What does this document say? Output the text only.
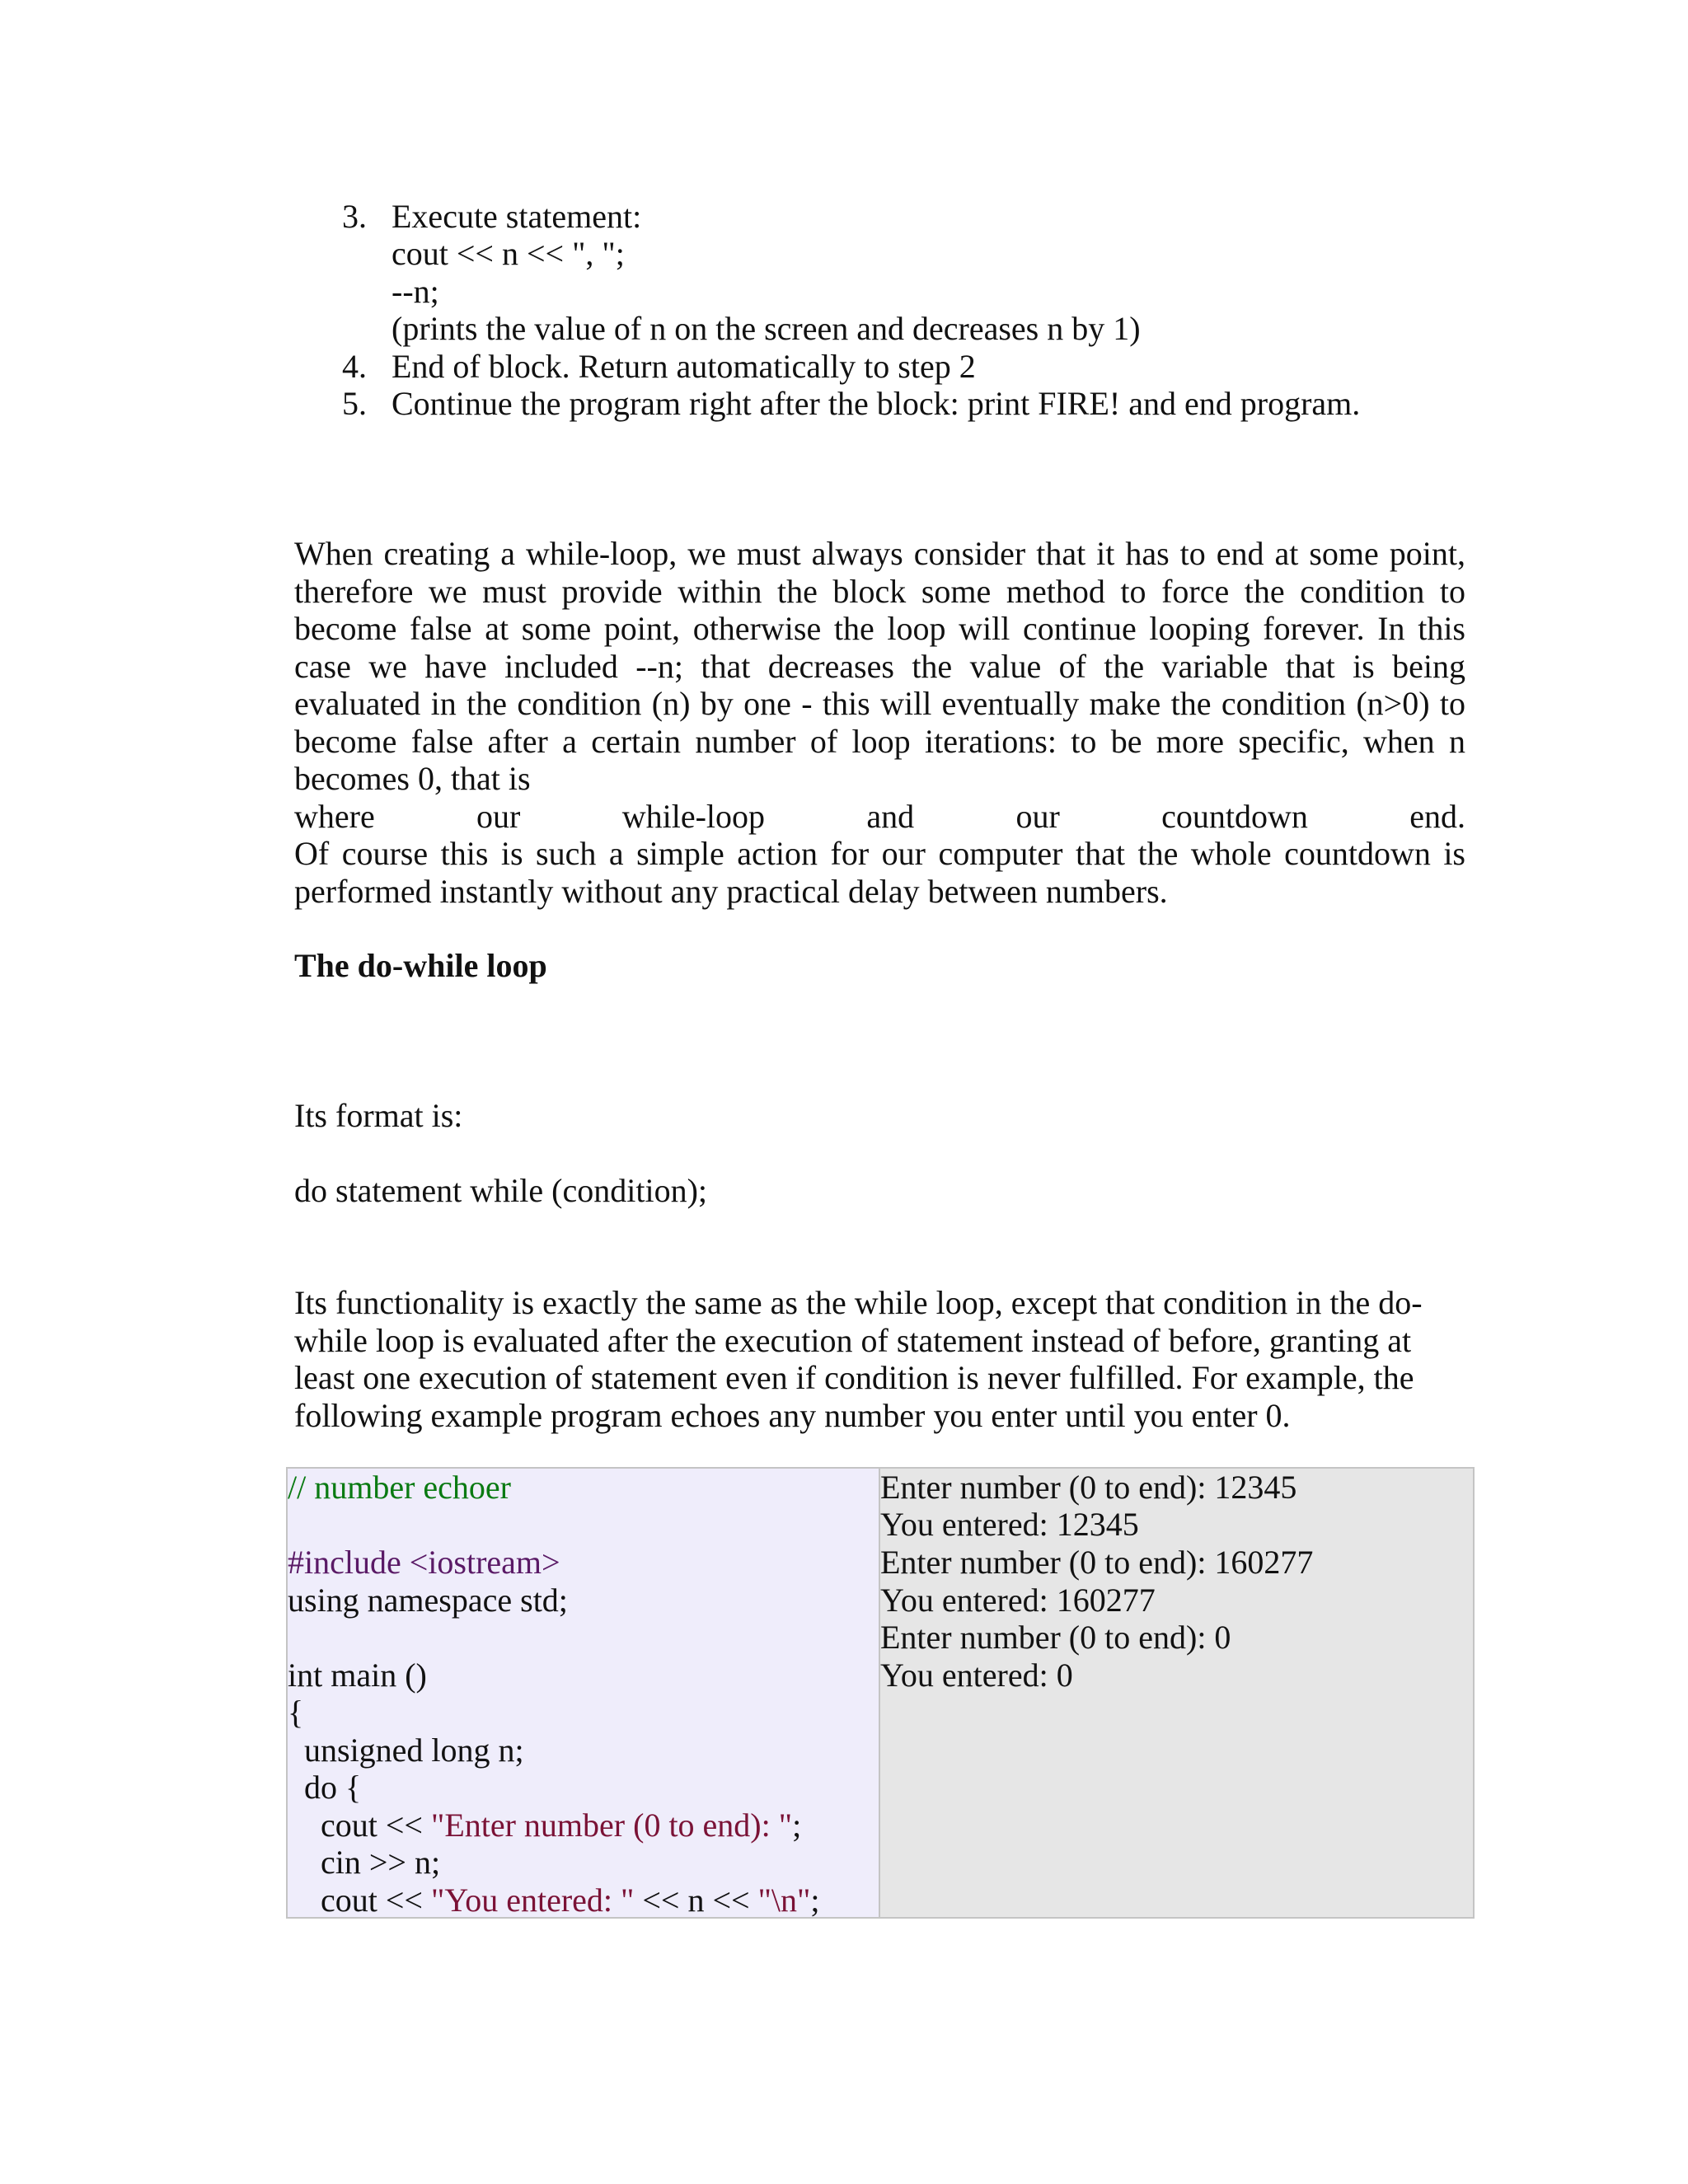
3. Execute statement:
cout << n << ", ";
--n;
(prints the value of n on the screen and decreases n by 1)
4. End of block. Return automatically to step 2
5. Continue the program right after the block: print FIRE! and end program.
When creating a while-loop, we must always consider that it has to end at some point, therefore we must provide within the block some method to force the condition to become false at some point, otherwise the loop will continue looping forever. In this case we have included --n; that decreases the value of the variable that is being evaluated in the condition (n) by one - this will eventually make the condition (n>0) to become false after a certain number of loop iterations: to be more specific, when n becomes 0, that is
where our while-loop and our countdown end.
Of course this is such a simple action for our computer that the whole countdown is performed instantly without any practical delay between numbers.
The do-while loop
Its format is:
do statement while (condition);
Its functionality is exactly the same as the while loop, except that condition in the do-while loop is evaluated after the execution of statement instead of before, granting at least one execution of statement even if condition is never fulfilled. For example, the following example program echoes any number you enter until you enter 0.
// number echoer
#include <iostream>
using namespace std;
int main ()
{
unsigned long n;
do {
cout << "Enter number (0 to end): ";
cin >> n;
cout << "You entered: " << n << "\n";
Enter number (0 to end): 12345
You entered: 12345
Enter number (0 to end): 160277
You entered: 160277
Enter number (0 to end): 0
You entered: 0
